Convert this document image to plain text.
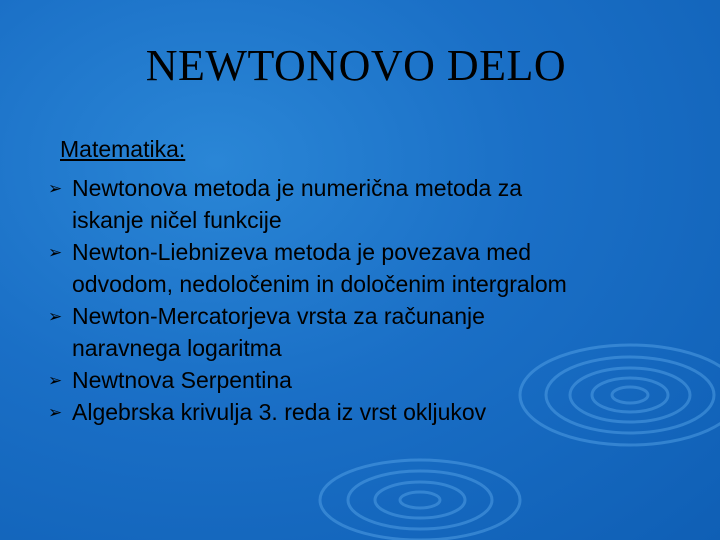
NEWTONOVO DELO
Matematika:
➢ Newtonova metoda je numerična metoda za
iskanje ničel funkcije
➢ Newton-Liebnizeva metoda je povezava med
odvodom, nedoločenim in določenim intergralom
➢ Newton-Mercatorjeva vrsta za računanje
naravnega logaritma
➢ Newtnova Serpentina
➢ Algebrska krivulja 3. reda iz vrst okljukov
